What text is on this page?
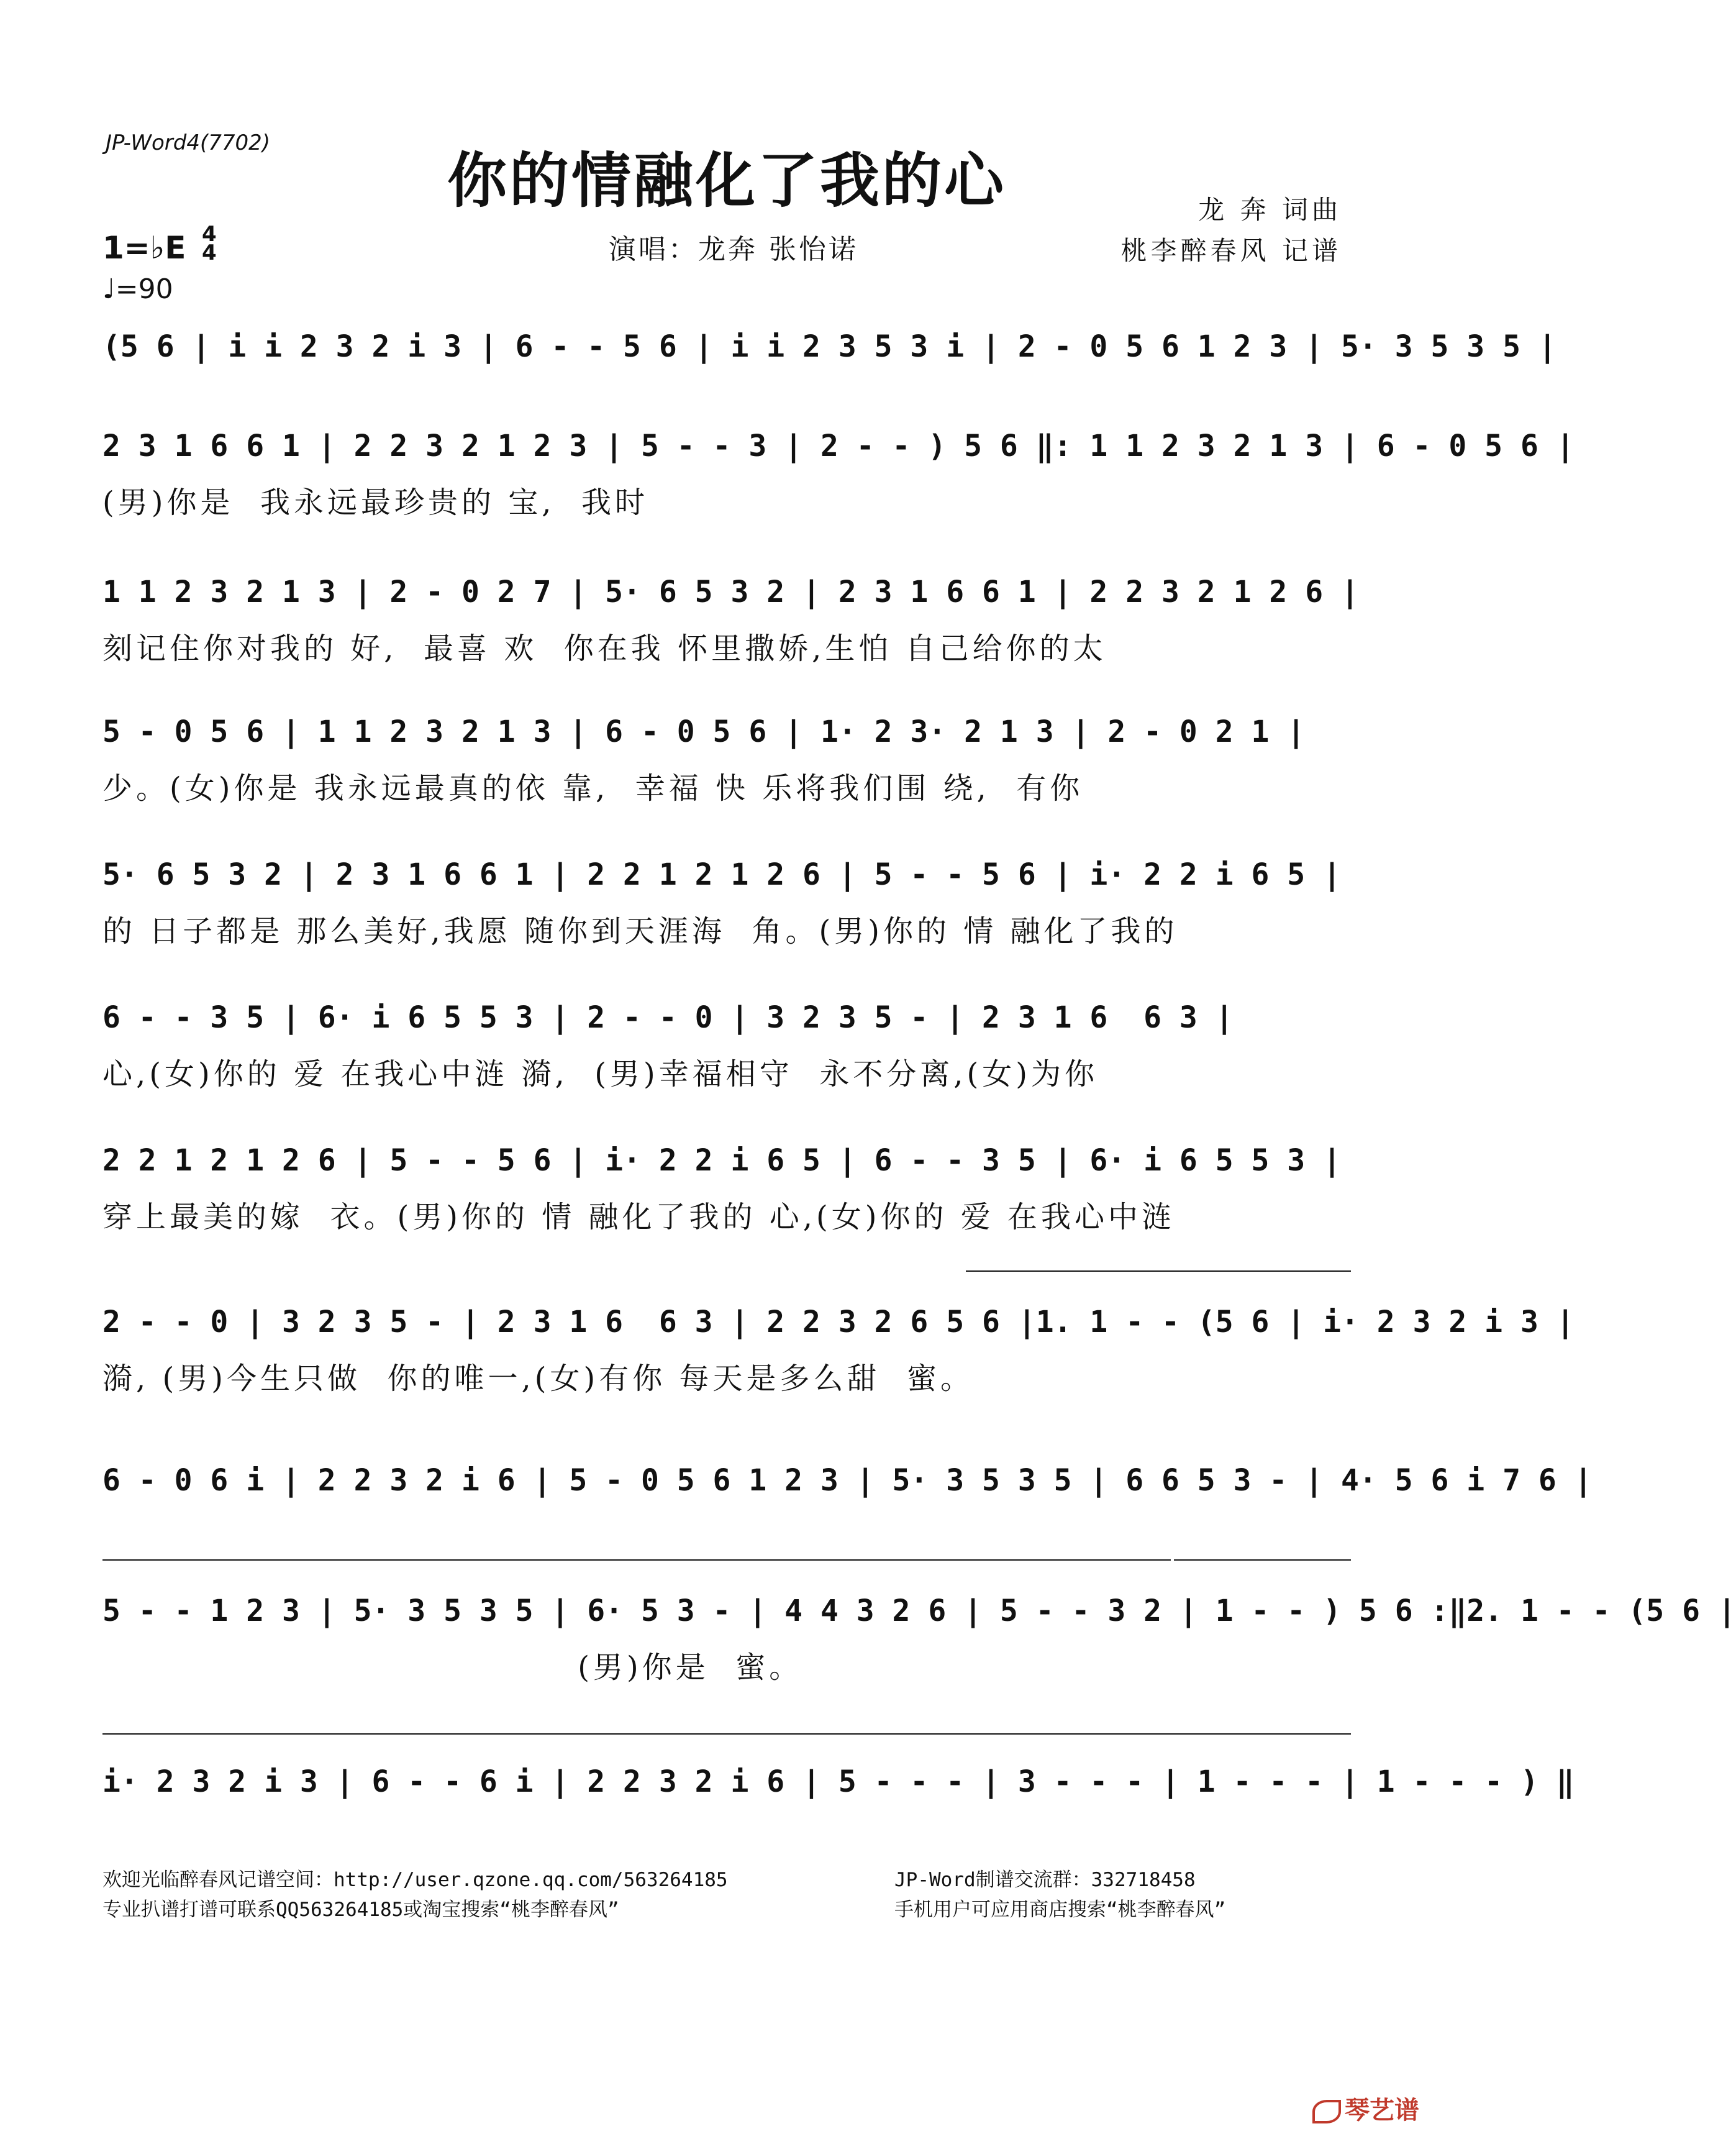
JP-Word4(7702)
你的情融化了我的心	龙 奔 词曲
桃李醉春风 记谱
演唱：龙奔 张怡诺
1=♭E 4
4
♩=90
(5 6 | i i 2 3 2 i 3 | 6 - - 5 6 | i i 2 3 5 3 i | 2 - 0 5 6 1 2 3 | 5· 3 5 3 5 |
2 3 1 6 6 1 | 2 2 3 2 1 2 3 | 5 - - 3 | 2 - - ) 5 6 ‖: 1 1 2 3 2 1 3 | 6 - 0 5 6 |
(男)你是  我永远最珍贵的 宝,  我时
1 1 2 3 2 1 3 | 2 - 0 2 7 | 5· 6 5 3 2 | 2 3 1 6 6 1 | 2 2 3 2 1 2 6 |
刻记住你对我的 好,  最喜 欢  你在我 怀里撒娇,生怕 自己给你的太
5 - 0 5 6 | 1 1 2 3 2 1 3 | 6 - 0 5 6 | 1· 2 3· 2 1 3 | 2 - 0 2 1 |
少。(女)你是 我永远最真的依 靠,  幸福 快 乐将我们围 绕,  有你
5· 6 5 3 2 | 2 3 1 6 6 1 | 2 2 1 2 1 2 6 | 5 - - 5 6 | i· 2 2 i 6 5 |
的 日子都是 那么美好,我愿 随你到天涯海  角。(男)你的 情 融化了我的
6 - - 3 5 | 6· i 6 5 5 3 | 2 - - 0 | 3 2 3 5 - | 2 3 1 6  6 3 |
心,(女)你的 爱 在我心中涟 漪,  (男)幸福相守  永不分离,(女)为你
2 2 1 2 1 2 6 | 5 - - 5 6 | i· 2 2 i 6 5 | 6 - - 3 5 | 6· i 6 5 5 3 |
穿上最美的嫁  衣。(男)你的 情 融化了我的 心,(女)你的 爱 在我心中涟
2 - - 0 | 3 2 3 5 - | 2 3 1 6  6 3 | 2 2 3 2 6 5 6 |1. 1 - - (5 6 | i· 2 3 2 i 3 |
漪, (男)今生只做  你的唯一,(女)有你 每天是多么甜  蜜。
6 - 0 6 i | 2 2 3 2 i 6 | 5 - 0 5 6 1 2 3 | 5· 3 5 3 5 | 6 6 5 3 - | 4· 5 6 i 7 6 |
5 - - 1 2 3 | 5· 3 5 3 5 | 6· 5 3 - | 4 4 3 2 6 | 5 - - 3 2 | 1 - - ) 5 6 :‖2. 1 - - (5 6 |
(男)你是  蜜。
i· 2 3 2 i 3 | 6 - - 6 i | 2 2 3 2 i 6 | 5 - - - | 3 - - - | 1 - - - | 1 - - - ) ‖
欢迎光临醉春风记谱空间：http://user.qzone.qq.com/563264185	JP-Word制谱交流群：332718458
专业扒谱打谱可联系QQ563264185或淘宝搜索“桃李醉春风”	手机用户可应用商店搜索“桃李醉春风”
琴艺谱
